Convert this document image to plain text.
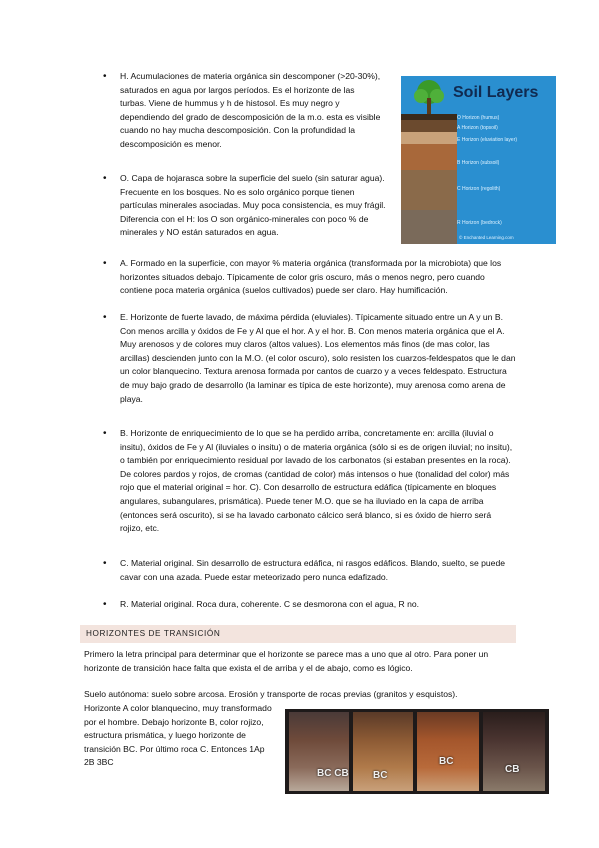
• H. Acumulaciones de materia orgánica sin descomponer (>20-30%), saturados en agua por largos períodos. Es el horizonte de las turbas. Viene de hummus y h de histosol. Es muy negro y dependiendo del grado de descomposición de la m.o. esta es visible cuando no hay mucha descomposición. Con la profundidad la descomposición es menor.
• O. Capa de hojarasca sobre la superficie del suelo (sin saturar agua). Frecuente en los bosques. No es solo orgánico porque tienen partículas minerales asociadas. Muy poca consistencia, es muy frágil. Diferencia con el H: los O son orgánico-minerales con poco % de minerales y NO están saturados en agua.
• A. Formado en la superficie, con mayor % materia orgánica (transformada por la microbiota) que los horizontes situados debajo. Típicamente de color gris oscuro, más o menos negro, pero cuando contiene poca materia orgánica (suelos cultivados) puede ser claro. Hay humificación.
• E. Horizonte de fuerte lavado, de máxima pérdida (eluviales). Típicamente situado entre un A y un B. Con menos arcilla y óxidos de Fe y Al que el hor. A y el hor. B. Con menos materia orgánica que el A. Muy arenosos y de colores muy claros (altos values). Los elementos más finos (de mas color, las arcillas) descienden junto con la M.O. (el color oscuro), solo resisten los cuarzos-feldespatos que le dan un color blanquecino. Textura arenosa formada por cantos de cuarzo y a veces feldespato. Estructura de muy bajo grado de desarrollo (la laminar es típica de este horizonte), muy arenosa como arena de playa.
• B. Horizonte de enriquecimiento de lo que se ha perdido arriba, concretamente en: arcilla (iluvial o insitu), óxidos de Fe y Al (iluviales o insitu) o de materia orgánica (sólo si es de origen iluvial; no insitu), o también por enriquecimiento residual por lavado de los carbonatos (si estaban presentes en la roca). De colores pardos y rojos, de cromas (cantidad de color) más intensos o hue (tonalidad del color) más rojo que el material original = hor. C). Con desarrollo de estructura edáfica (típicamente en bloques angulares, subangulares, prismática). Puede tener M.O. que se ha iluviado en la capa de arriba (entonces será oscurito), si se ha lavado carbonato cálcico será blanco, si es óxido de hierro será rojizo, etc.
• C. Material original. Sin desarrollo de estructura edáfica, ni rasgos edáficos. Blando, suelto, se puede cavar con una azada. Puede estar meteorizado pero nunca edafizado.
• R. Material original. Roca dura, coherente. C se desmorona con el agua, R no.
Soil Layers
O Horizon (humus)
A Horizon (topsoil)
E Horizon (eluviation layer)
B Horizon (subsoil)
C Horizon (regolith)
R Horizon (bedrock)
© Enchanted Learning.com
HORIZONTES DE TRANSICIÓN
Primero la letra principal para determinar que el horizonte se parece mas a uno que al otro. Para poner un horizonte de transición hace falta que exista el de arriba y el de abajo, como es lógico.
Suelo autónoma: suelo sobre arcosa. Erosión y transporte de rocas previas (granitos y esquistos).
Horizonte A color blanquecino, muy transformado por el hombre. Debajo horizonte B, color rojizo, estructura prismática, y luego horizonte de transición BC. Por último roca C. Entonces 1Ap 2B 3BC
BC CB BC
BC
CB
